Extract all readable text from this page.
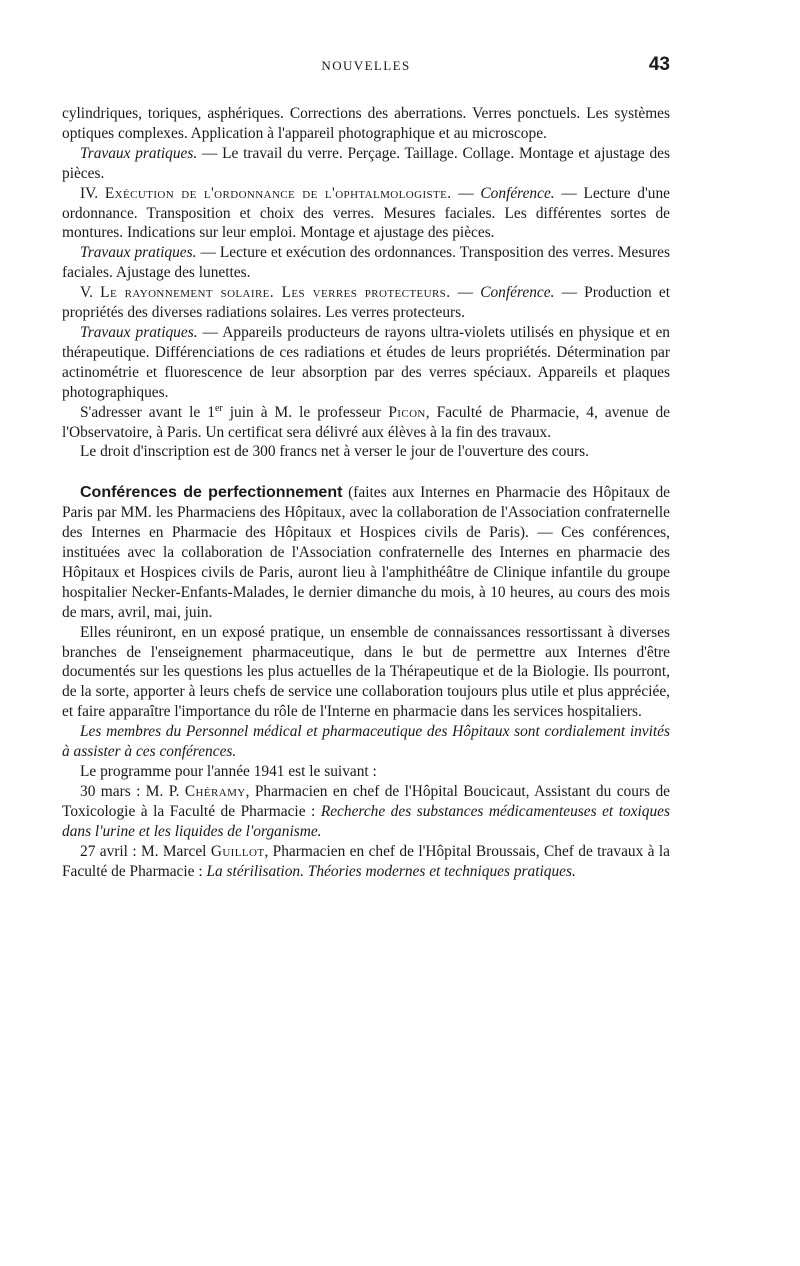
NOUVELLES	43

cylindriques, toriques, asphériques. Corrections des aberrations. Verres ponctuels. Les systèmes optiques complexes. Application à l'appareil photographique et au microscope.

Travaux pratiques. — Le travail du verre. Perçage. Taillage. Collage. Montage et ajustage des pièces.

IV. Exécution de l'ordonnance de l'ophtalmologiste. — Conférence. — Lecture d'une ordonnance. Transposition et choix des verres. Mesures faciales. Les différentes sortes de montures. Indications sur leur emploi. Montage et ajustage des pièces.

Travaux pratiques. — Lecture et exécution des ordonnances. Transposition des verres. Mesures faciales. Ajustage des lunettes.

V. Le rayonnement solaire. Les verres protecteurs. — Conférence. — Production et propriétés des diverses radiations solaires. Les verres protecteurs.

Travaux pratiques. — Appareils producteurs de rayons ultra-violets utilisés en physique et en thérapeutique. Différenciations de ces radiations et études de leurs propriétés. Détermination par actinométrie et fluorescence de leur absorption par des verres spéciaux. Appareils et plaques photographiques.

S'adresser avant le 1er juin à M. le professeur Picon, Faculté de Pharmacie, 4, avenue de l'Observatoire, à Paris. Un certificat sera délivré aux élèves à la fin des travaux.

Le droit d'inscription est de 300 francs net à verser le jour de l'ouverture des cours.

Conférences de perfectionnement (faites aux Internes en Pharmacie des Hôpitaux de Paris par MM. les Pharmaciens des Hôpitaux, avec la collaboration de l'Association confraternelle des Internes en Pharmacie des Hôpitaux et Hospices civils de Paris). — Ces conférences, instituées avec la collaboration de l'Association confraternelle des Internes en pharmacie des Hôpitaux et Hospices civils de Paris, auront lieu à l'amphithéâtre de Clinique infantile du groupe hospitalier Necker-Enfants-Malades, le dernier dimanche du mois, à 10 heures, au cours des mois de mars, avril, mai, juin.

Elles réuniront, en un exposé pratique, un ensemble de connaissances ressortissant à diverses branches de l'enseignement pharmaceutique, dans le but de permettre aux Internes d'être documentés sur les questions les plus actuelles de la Thérapeutique et de la Biologie. Ils pourront, de la sorte, apporter à leurs chefs de service une collaboration toujours plus utile et plus appréciée, et faire apparaître l'importance du rôle de l'Interne en pharmacie dans les services hospitaliers.

Les membres du Personnel médical et pharmaceutique des Hôpitaux sont cordialement invités à assister à ces conférences.

Le programme pour l'année 1941 est le suivant :

30 mars : M. P. Chéramy, Pharmacien en chef de l'Hôpital Boucicaut, Assistant du cours de Toxicologie à la Faculté de Pharmacie : Recherche des substances médicamenteuses et toxiques dans l'urine et les liquides de l'organisme.

27 avril : M. Marcel Guillot, Pharmacien en chef de l'Hôpital Broussais, Chef de travaux à la Faculté de Pharmacie : La stérilisation. Théories modernes et techniques pratiques.
